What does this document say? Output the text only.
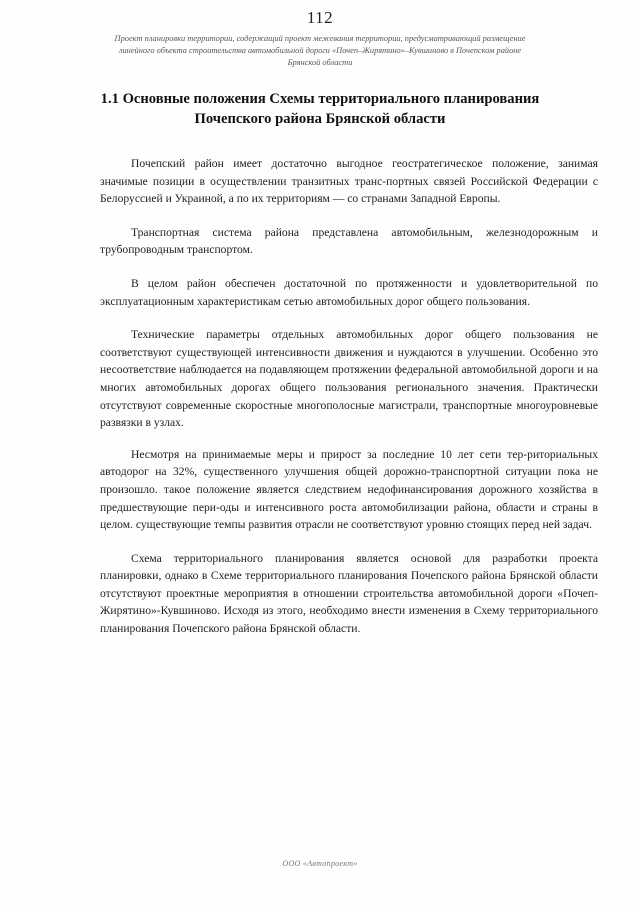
112
Проект планировки территории, содержащий проект межевания территории, предусматривающий размещение линейного объекта строительства автомобильной дороги «Почеп–Жирятино»–Кувшиново в Почепском районе Брянской области
1.1 Основные положения Схемы территориального планирования Почепского района Брянской области

Почепский район имеет достаточно выгодное геостратегическое положение, занимая значимые позиции в осуществлении транзитных транс-портных связей Российской Федерации с Белоруссией и Украиной, а по их территориям — со странами Западной Европы.

Транспортная система района представлена автомобильным, железнодорожным и трубопроводным транспортом.

В целом район обеспечен достаточной по протяженности и удовлетворительной по эксплуатационным характеристикам сетью автомобильных дорог общего пользования.

Технические параметры отдельных автомобильных дорог общего пользования не соответствуют существующей интенсивности движения и нуждаются в улучшении. Особенно это несоответствие наблюдается на подавляющем протяжении федеральной автомобильной дороги и на многих автомобильных дорогах общего пользования регионального значения. Практически отсутствуют современные скоростные многополосные магистрали, транспортные многоуровневые развязки в узлах.

Несмотря на принимаемые меры и прирост за последние 10 лет сети тер-риториальных автодорог на 32%, существенного улучшения общей дорожно-транспортной ситуации пока не произошло. такое положение является следствием недофинансирования дорожного хозяйства в предшествующие пери-оды и интенсивного роста автомобилизации района, области и страны в целом. существующие темпы развития отрасли не соответствуют уровню стоящих перед ней задач.

Схема территориального планирования является основой для разработки проекта планировки, однако в Схеме территориального планирования Почепского района Брянской области отсутствуют проектные мероприятия в отношении строительства автомобильной дороги «Почеп-Жирятино»-Кувшиново. Исходя из этого, необходимо внести изменения в Схему территориального планирования Почепского района Брянской области.

ООО «Автопроект»
